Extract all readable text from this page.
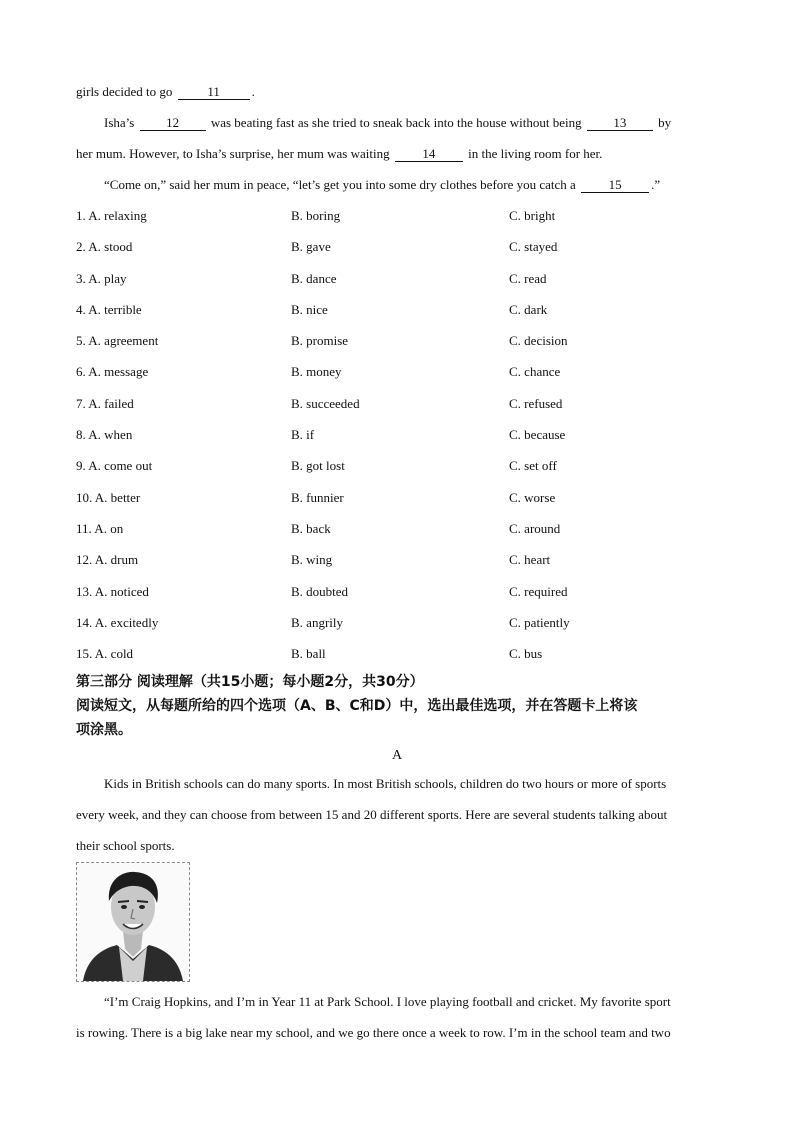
girls decided to go 11 .
Isha’s 12 was beating fast as she tried to sneak back into the house without being 13 by
her mum. However, to Isha’s surprise, her mum was waiting 14 in the living room for her.
“Come on,” said her mum in peace, “let’s get you into some dry clothes before you catch a 15 .”
1. A. relaxing	B. boring	C. bright
2. A. stood	B. gave	C. stayed
3. A. play	B. dance	C. read
4. A. terrible	B. nice	C. dark
5. A. agreement	B. promise	C. decision
6. A. message	B. money	C. chance
7. A. failed	B. succeeded	C. refused
8. A. when	B. if	C. because
9. A. come out	B. got lost	C. set off
10. A. better	B. funnier	C. worse
11. A. on	B. back	C. around
12. A. drum	B. wing	C. heart
13. A. noticed	B. doubted	C. required
14. A. excitedly	B. angrily	C. patiently
15. A. cold	B. ball	C. bus
第三部分 阅读理解（共15小题；每小题2分，共30分）
阅读短文，从每题所给的四个选项（A、B、C和D）中，选出最佳选项，并在答题卡上将该
项涂黑。
A
Kids in British schools can do many sports. In most British schools, children do two hours or more of sports
every week, and they can choose from between 15 and 20 different sports. Here are several students talking about
their school sports.
“I’m Craig Hopkins, and I’m in Year 11 at Park School. I love playing football and cricket. My favorite sport
is rowing. There is a big lake near my school, and we go there once a week to row. I’m in the school team and two
